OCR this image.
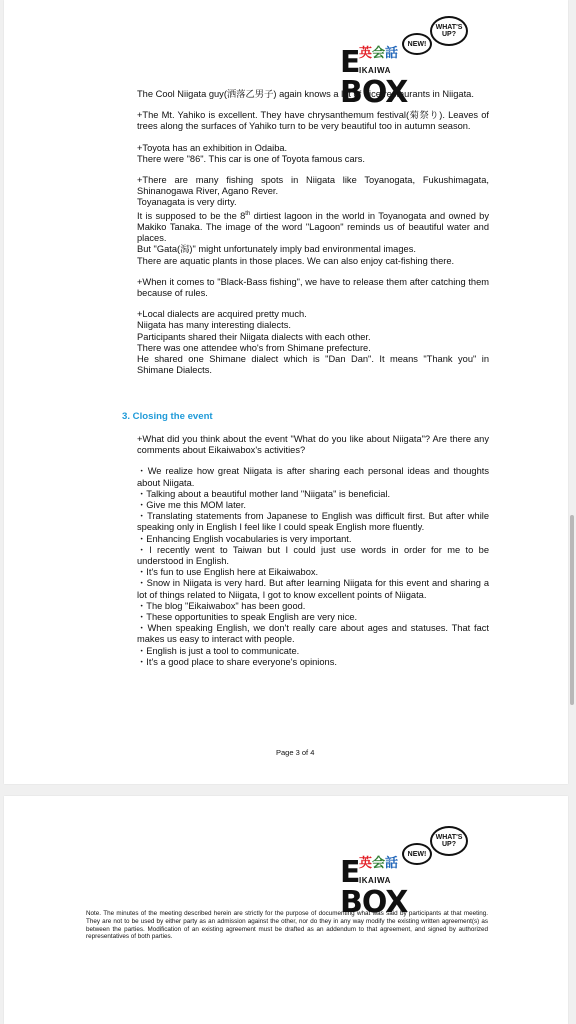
WHAT'S UP?
NEW!
EBOX
英会話
IKAIWA

The Cool Niigata guy(洒落乙男子) again knows a lot of nice restaurants in Niigata.

+The Mt. Yahiko is excellent. They have chrysanthemum festival(菊祭り). Leaves of trees along the surfaces of Yahiko turn to be very beautiful too in autumn season.

+Toyota has an exhibition in Odaiba.
There were "86". This car is one of Toyota famous cars.

+There are many fishing spots in Niigata like Toyanogata, Fukushimagata, Shinanogawa River, Agano Rever.
Toyanagata is very dirty.
It is supposed to be the 8th dirtiest lagoon in the world in Toyanogata and owned by Makiko Tanaka. The image of the word "Lagoon" reminds us of beautiful water and places.
But "Gata(潟)" might unfortunately imply bad environmental images.
There are aquatic plants in those places. We can also enjoy cat-fishing there.

+When it comes to "Black-Bass fishing", we have to release them after catching them because of rules.

+Local dialects are acquired pretty much.
Niigata has many interesting dialects.
Participants shared their Niigata dialects with each other.
There was one attendee who's from Shimane prefecture.
He shared one Shimane dialect which is "Dan Dan". It means "Thank you" in Shimane Dialects.

3. Closing the event

+What did you think about the event "What do you like about Niigata"? Are there any comments about Eikaiwabox's activities?

・We realize how great Niigata is after sharing each personal ideas and thoughts about Niigata.
・Talking about a beautiful mother land "Niigata" is beneficial.
・Give me this MOM later.
・Translating statements from Japanese to English was difficult first. But after while speaking only in English I feel like I could speak English more fluently.
・Enhancing English vocabularies is very important.
・I recently went to Taiwan but I could just use words in order for me to be understood in English.
・It's fun to use English here at Eikaiwabox.
・Snow in Niigata is very hard. But after learning Niigata for this event and sharing a lot of things related to Niigata, I got to know excellent points of Niigata.
・The blog "Eikaiwabox" has been good.
・These opportunities to speak English are very nice.
・When speaking English, we don't really care about ages and statuses. That fact makes us easy to interact with people.
・English is just a tool to communicate.
・It's a good place to share everyone's opinions.
Page 3 of 4
WHAT'S UP?
NEW!
EBOX
英会話
IKAIWA
Note. The minutes of the meeting described herein are strictly for the purpose of documenting what was said by participants at that meeting. They are not to be used by either party as an admission against the other, nor do they in any way modify the existing written agreement(s) as between the parties. Modification of an existing agreement must be drafted as an addendum to that agreement, and signed by authorized representatives of both parties.
